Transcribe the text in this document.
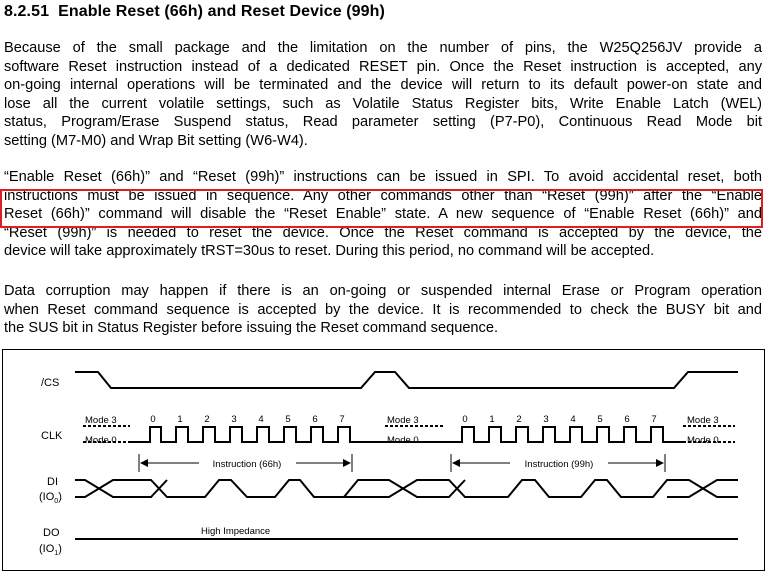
8.2.51 Enable Reset (66h) and Reset Device (99h)
Because of the small package and the limitation on the number of pins, the W25Q256JV provide a
software Reset instruction instead of a dedicated RESET pin. Once the Reset instruction is accepted, any
on-going internal operations will be terminated and the device will return to its default power-on state and
lose all the current volatile settings, such as Volatile Status Register bits, Write Enable Latch (WEL)
status, Program/Erase Suspend status, Read parameter setting (P7-P0), Continuous Read Mode bit
setting (M7-M0) and Wrap Bit setting (W6-W4).
“Enable Reset (66h)” and “Reset (99h)” instructions can be issued in SPI. To avoid accidental reset, both
instructions must be issued in sequence. Any other commands other than “Reset (99h)” after the “Enable
Reset (66h)” command will disable the “Reset Enable” state. A new sequence of “Enable Reset (66h)” and
“Reset (99h)” is needed to reset the device. Once the Reset command is accepted by the device, the
device will take approximately tRST=30us to reset. During this period, no command will be accepted.
Data corruption may happen if there is an on-going or suspended internal Erase or Program operation
when Reset command sequence is accepted by the device. It is recommended to check the BUSY bit and
the SUS bit in Status Register before issuing the Reset command sequence.
/CS
CLK
DI
$(IO_0)$
DO
$(IO_1)$
Mode 3
Mode 0
Mode 3
Mode 0
Mode 3
Mode 0
0 1 2 3 4 5 6 7	0 1 2 3 4 5 6 7
Instruction (66h)	Instruction (99h)
High Impedance
